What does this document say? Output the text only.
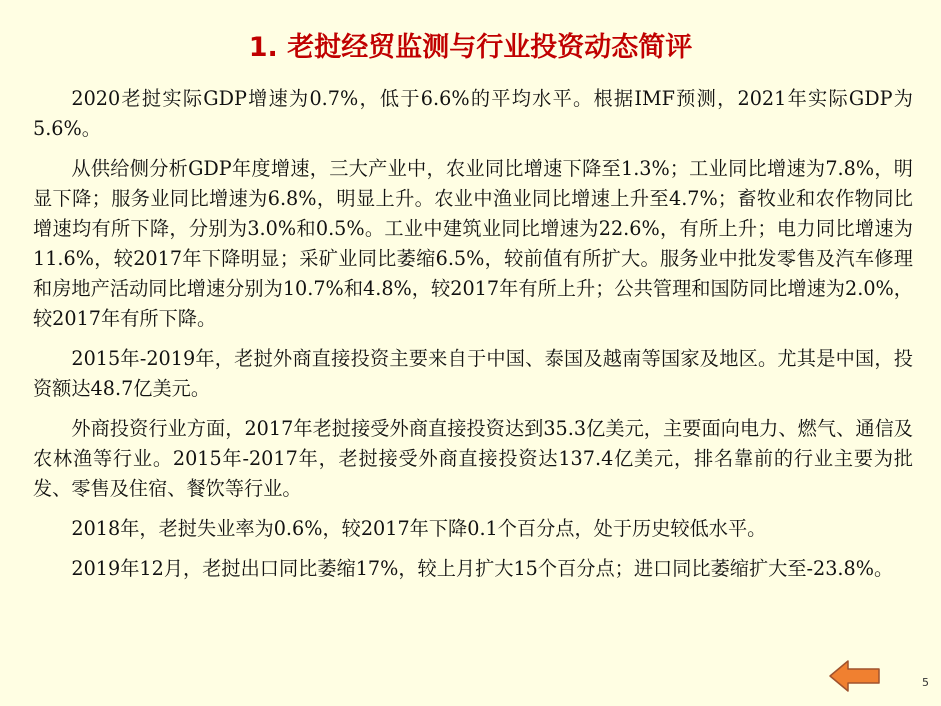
1. 老挝经贸监测与行业投资动态简评

2020老挝实际GDP增速为0.7%，低于6.6%的平均水平。根据IMF预测，2021年实际GDP为5.6%。

从供给侧分析GDP年度增速，三大产业中，农业同比增速下降至1.3%；工业同比增速为7.8%，明显下降；服务业同比增速为6.8%，明显上升。农业中渔业同比增速上升至4.7%；畜牧业和农作物同比增速均有所下降，分别为3.0%和0.5%。工业中建筑业同比增速为22.6%，有所上升；电力同比增速为11.6%，较2017年下降明显；采矿业同比萎缩6.5%，较前值有所扩大。服务业中批发零售及汽车修理和房地产活动同比增速分别为10.7%和4.8%，较2017年有所上升；公共管理和国防同比增速为2.0%，较2017年有所下降。

2015年-2019年，老挝外商直接投资主要来自于中国、泰国及越南等国家及地区。尤其是中国，投资额达48.7亿美元。

外商投资行业方面，2017年老挝接受外商直接投资达到35.3亿美元，主要面向电力、燃气、通信及农林渔等行业。2015年-2017年，老挝接受外商直接投资达137.4亿美元，排名靠前的行业主要为批发、零售及住宿、餐饮等行业。

2018年，老挝失业率为0.6%，较2017年下降0.1个百分点，处于历史较低水平。

2019年12月，老挝出口同比萎缩17%，较上月扩大15个百分点；进口同比萎缩扩大至-23.8%。

5
